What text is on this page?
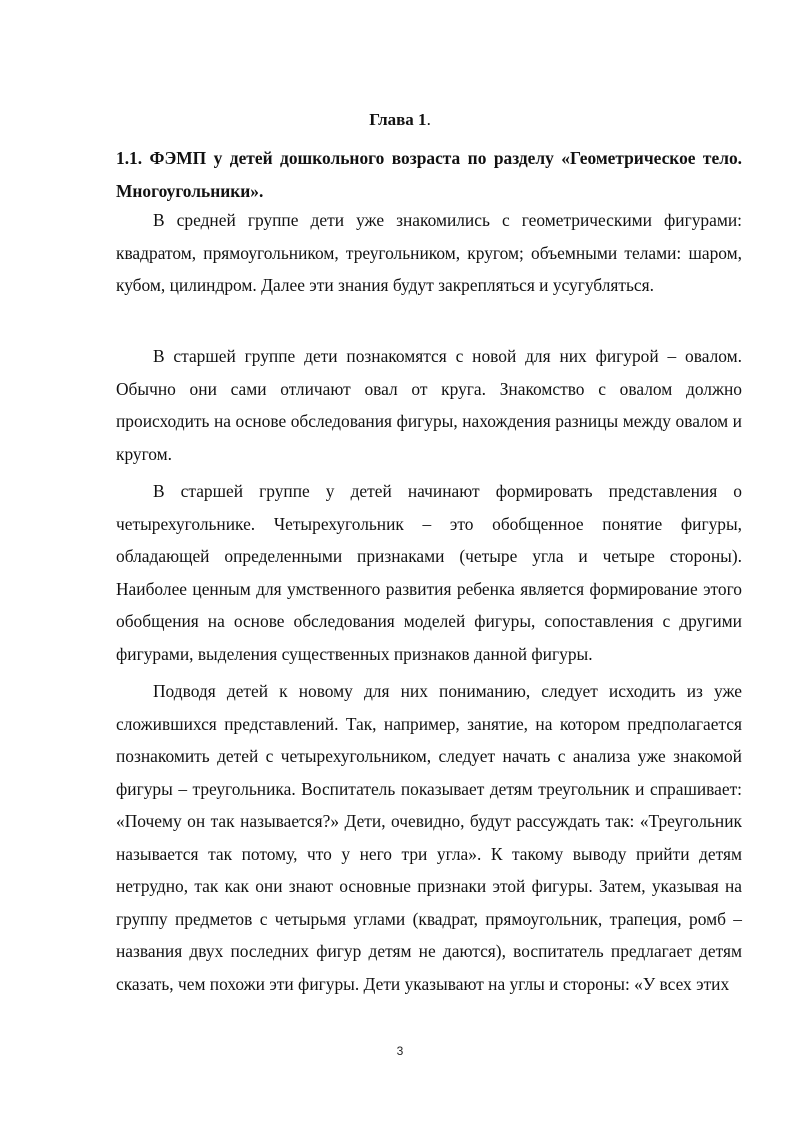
Глава 1.

1.1. ФЭМП у детей дошкольного возраста по разделу «Геометрическое тело. Многоугольники».

В средней группе дети уже знакомились с геометрическими фигурами: квадратом, прямоугольником, треугольником, кругом; объемными телами: шаром, кубом, цилиндром. Далее эти знания будут закрепляться и усугубляться.

В старшей группе дети познакомятся с новой для них фигурой – овалом. Обычно они сами отличают овал от круга. Знакомство с овалом должно происходить на основе обследования фигуры, нахождения разницы между овалом и кругом.

В старшей группе у детей начинают формировать представления о четырехугольнике. Четырехугольник – это обобщенное понятие фигуры, обладающей определенными признаками (четыре угла и четыре стороны). Наиболее ценным для умственного развития ребенка является формирование этого обобщения на основе обследования моделей фигуры, сопоставления с другими фигурами, выделения существенных признаков данной фигуры.

Подводя детей к новому для них пониманию, следует исходить из уже сложившихся представлений. Так, например, занятие, на котором предполагается познакомить детей с четырехугольником, следует начать с анализа уже знакомой фигуры – треугольника. Воспитатель показывает детям треугольник и спрашивает: «Почему он так называется?» Дети, очевидно, будут рассуждать так: «Треугольник называется так потому, что у него три угла». К такому выводу прийти детям нетрудно, так как они знают основные признаки этой фигуры. Затем, указывая на группу предметов с четырьмя углами (квадрат, прямоугольник, трапеция, ромб – названия двух последних фигур детям не даются), воспитатель предлагает детям сказать, чем похожи эти фигуры. Дети указывают на углы и стороны: «У всех этих

3
